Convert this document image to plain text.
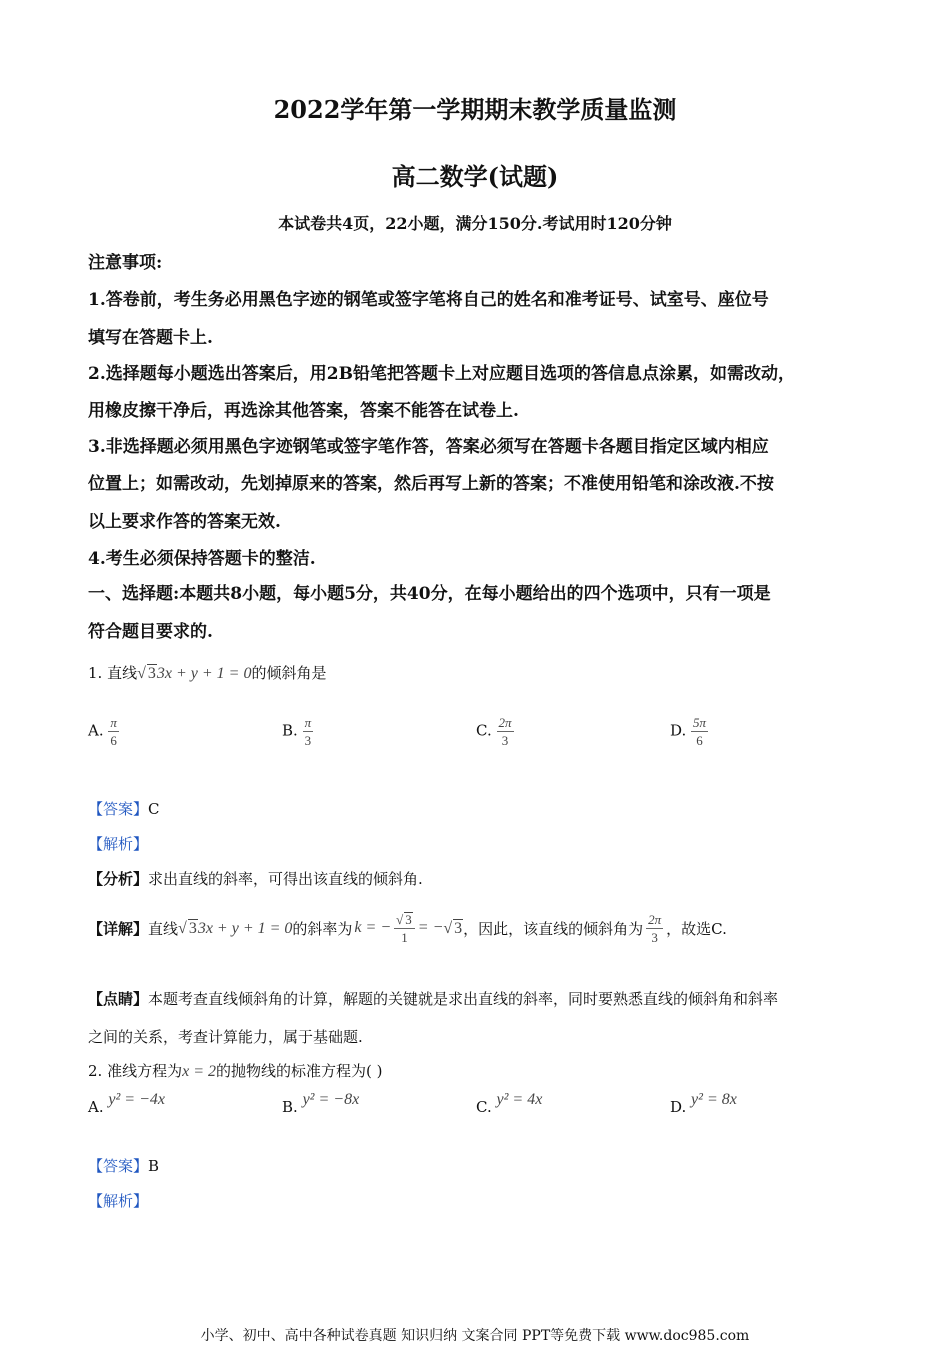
2022学年第一学期期末教学质量监测
高二数学(试题)
本试卷共4页，22小题，满分150分.考试用时120分钟
注意事项:
1.答卷前，考生务必用黑色字迹的钢笔或签字笔将自己的姓名和准考证号、试室号、座位号
填写在答题卡上.
2.选择题每小题选出答案后，用2B铅笔把答题卡上对应题目选项的答信息点涂累，如需改动，
用橡皮擦干净后，再选涂其他答案，答案不能答在试卷上.
3.非选择题必须用黑色字迹钢笔或签字笔作答，答案必须写在答题卡各题目指定区域内相应
位置上；如需改动，先划掉原来的答案，然后再写上新的答案；不准使用铅笔和涂改液.不按
以上要求作答的答案无效.
4.考生必须保持答题卡的整洁.
一、选择题:本题共8小题，每小题5分，共40分，在每小题给出的四个选项中，只有一项是
符合题目要求的.
1. 直线√ 33x + y + 1 = 0的倾斜角是
A. $\frac{\pi}{6}$	B. $\frac{\pi}{3}$	C. $\frac{2\pi}{3}$	D. $\frac{5\pi}{6}$
【答案】C
【解析】
【分析】求出直线的斜率，可得出该直线的倾斜角.
【详解】 直线 √ 33x + y + 1 = 0 的斜率为 k = − $\frac{√ 3}{1}$ = − √ 3 ，因此，该直线的倾斜角为 $\frac{2\pi}{3}$ ，故选C.
【点睛】本题考查直线倾斜角的计算，解题的关键就是求出直线的斜率，同时要熟悉直线的倾斜角和斜率
之间的关系，考查计算能力，属于基础题.
2. 准线方程为x = 2的抛物线的标准方程为( )
A. y² = −4x	B. y² = −8x	C. y² = 4x	D. y² = 8x
【答案】B
【解析】
小学、初中、高中各种试卷真题 知识归纳 文案合同 PPT等免费下载 www.doc985.com
